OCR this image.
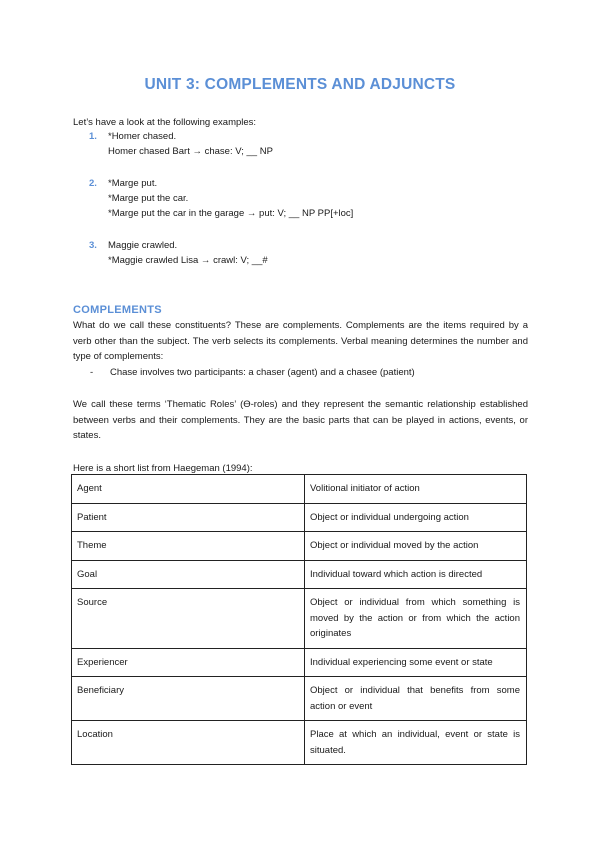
UNIT 3: COMPLEMENTS AND ADJUNCTS
Let’s have a look at the following examples:
1. *Homer chased.
Homer chased Bart → chase: V; __ NP
2. *Marge put.
*Marge put the car.
*Marge put the car in the garage → put: V; __ NP PP[+loc]
3. Maggie crawled.
*Maggie crawled Lisa → crawl: V; __#
COMPLEMENTS
What do we call these constituents? These are complements. Complements are the items required by a verb other than the subject. The verb selects its complements. Verbal meaning determines the number and type of complements:
- Chase involves two participants: a chaser (agent) and a chasee (patient)
We call these terms ‘Thematic Roles’ (Ɵ-roles) and they represent the semantic relationship established between verbs and their complements. They are the basic parts that can be played in actions, events, or states.
Here is a short list from Haegeman (1994):
Agent	Volitional initiator of action
Patient	Object or individual undergoing action
Theme	Object or individual moved by the action
Goal	Individual toward which action is directed
Source	Object or individual from which something is moved by the action or from which the action originates
Experiencer	Individual experiencing some event or state
Beneficiary	Object or individual that benefits from some action or event
Location	Place at which an individual, event or state is situated.
